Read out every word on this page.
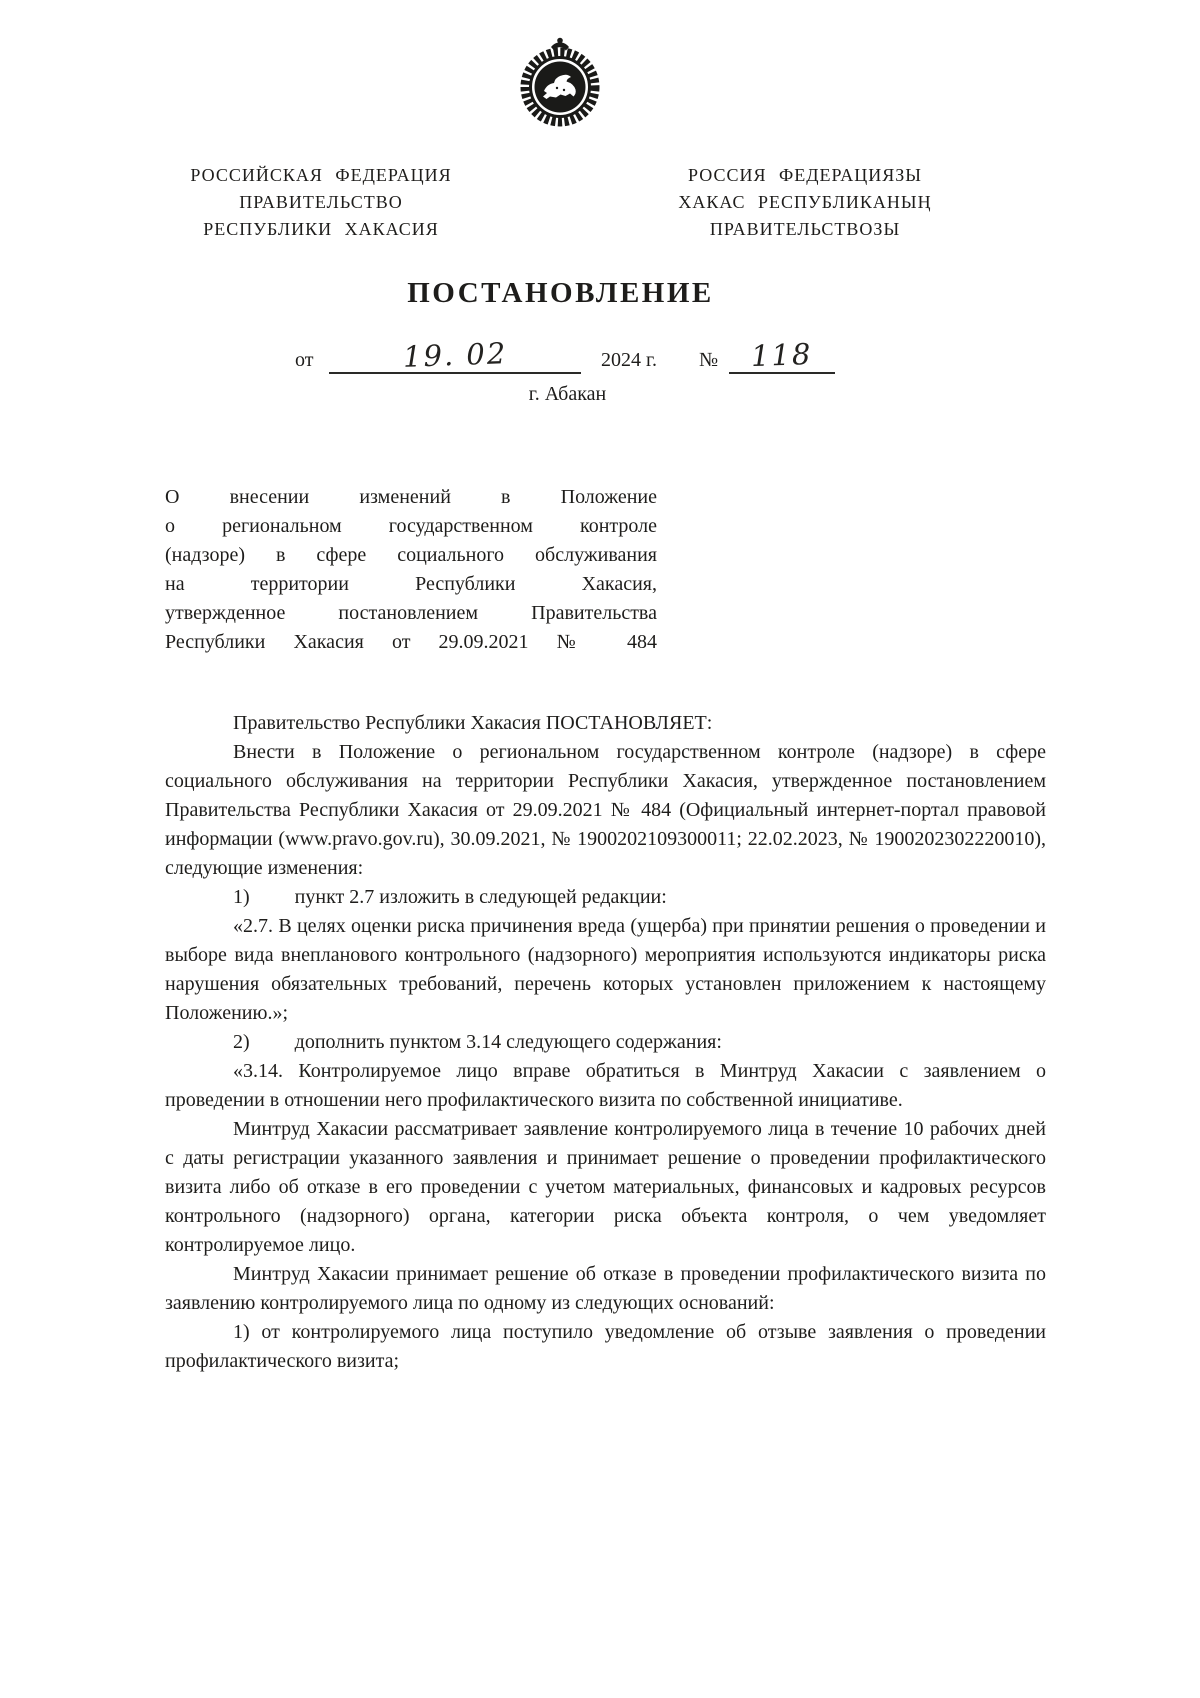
РОССИЙСКАЯ ФЕДЕРАЦИЯ
ПРАВИТЕЛЬСТВО
РЕСПУБЛИКИ ХАКАСИЯ
РОССИЯ ФЕДЕРАЦИЯЗЫ
ХАКАС РЕСПУБЛИКАНЫҢ
ПРАВИТЕЛЬСТВОЗЫ
ПОСТАНОВЛЕНИЕ
от	19. 02	2024 г. №	118
г. Абакан
О внесении изменений в Положение
о региональном государственном контроле
(надзоре) в сфере социального обслуживания
на территории Республики Хакасия,
утвержденное постановлением Правительства
Республики Хакасия от 29.09.2021 № 484

Правительство Республики Хакасия ПОСТАНОВЛЯЕТ:

Внести в Положение о региональном государственном контроле (надзоре) в сфере социального обслуживания на территории Республики Хакасия, утвержденное постановлением Правительства Республики Хакасия от 29.09.2021 № 484 (Официальный интернет-портал правовой информации (www.pravo.gov.ru), 30.09.2021, № 1900202109300011; 22.02.2023, № 1900202302220010), следующие изменения:

1)         пункт 2.7 изложить в следующей редакции:

«2.7. В целях оценки риска причинения вреда (ущерба) при принятии решения о проведении и выборе вида внепланового контрольного (надзорного) мероприятия используются индикаторы риска нарушения обязательных требований, перечень которых установлен приложением к настоящему Положению.»;

2)         дополнить пунктом 3.14 следующего содержания:

«3.14. Контролируемое лицо вправе обратиться в Минтруд Хакасии с заявлением о проведении в отношении него профилактического визита по собственной инициативе.

Минтруд Хакасии рассматривает заявление контролируемого лица в течение 10 рабочих дней с даты регистрации указанного заявления и принимает решение о проведении профилактического визита либо об отказе в его проведении с учетом материальных, финансовых и кадровых ресурсов контрольного (надзорного) органа, категории риска объекта контроля, о чем уведомляет контролируемое лицо.

Минтруд Хакасии принимает решение об отказе в проведении профилактического визита по заявлению контролируемого лица по одному из следующих оснований:

1) от контролируемого лица поступило уведомление об отзыве заявления о проведении профилактического визита;
